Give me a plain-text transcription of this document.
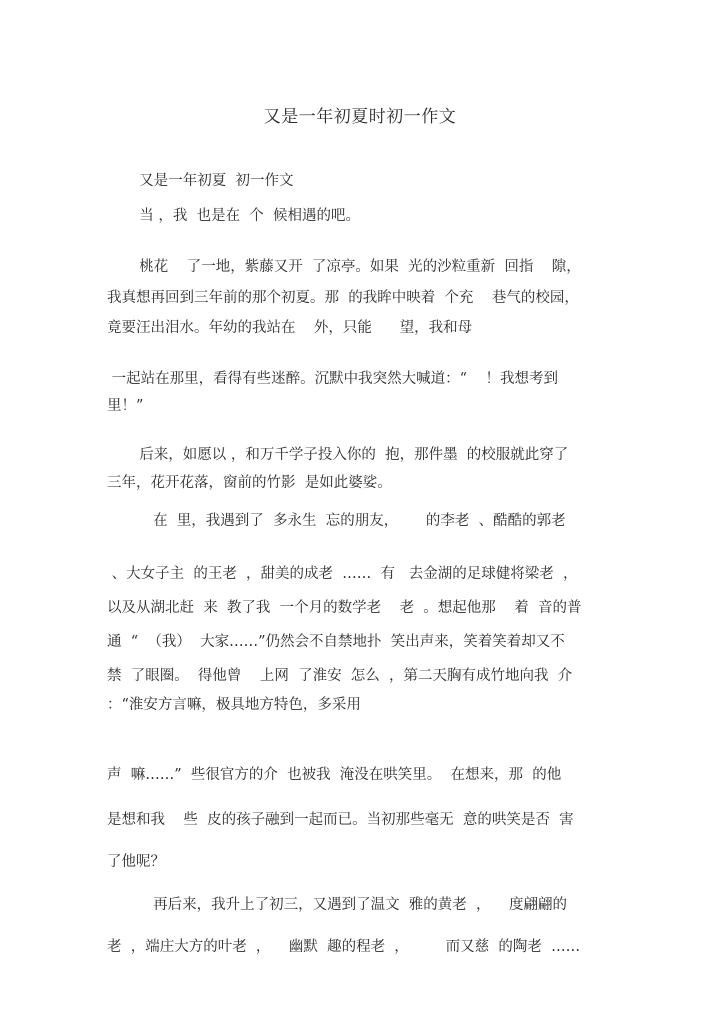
又是一年初夏时初一作文

又是一年初夏  初一作文

当 ，我  也是在  个  候相遇的吧。

桃花    了一地，紫藤又开  了凉亭。如果  光的沙粒重新  回指    隙，

我真想再回到三年前的那个初夏。那  的我眸中映着  个充    巷气的校园，

竟要汪出泪水。年幼的我站在    外，只能      望，我和母

一起站在那里，看得有些迷醉。沉默中我突然大喊道：“    ！我想考到

里！”

后来，如愿以 ，和万千学子投入你的  抱，那件墨  的校服就此穿了

三年，花开花落，窗前的竹影  是如此婆娑。

在  里，我遇到了  多永生  忘的朋友，      的李老  、酷酷的郭老

、大女子主  的王老  ，甜美的成老  ……  有   去金湖的足球健将梁老  ，

以及从湖北赶  来  教了我  一个月的数学老    老  。想起他那    着  音的普

通  “  （我）  大家……”仍然会不自禁地扑  笑出声来，笑着笑着却又不

禁  了眼圈。  得他曾    上网  了淮安  怎么  ，第二天胸有成竹地向我  介

：“淮安方言嘛，极具地方特色，多采用

声  嘛……”  些很官方的介  也被我  淹没在哄笑里。  在想来，那  的他

是想和我    些  皮的孩子融到一起而已。当初那些毫无  意的哄笑是否  害

了他呢？

再后来，我升上了初三，又遇到了温文  雅的黄老  ，    度翩翩的

老  ，端庄大方的叶老  ，    幽默  趣的程老  ，        而又慈  的陶老  ……
